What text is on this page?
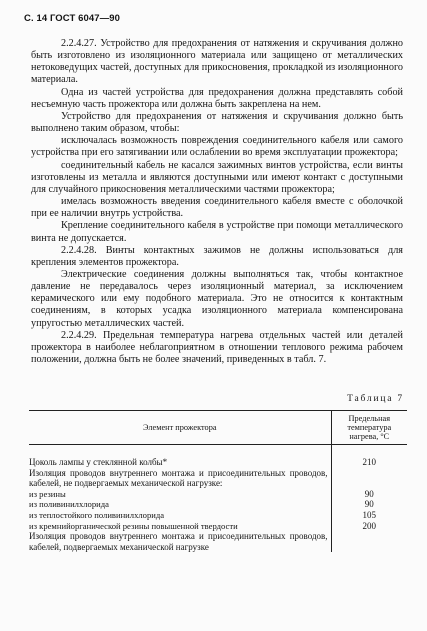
С. 14 ГОСТ 6047—90

2.2.4.27. Устройство для предохранения от натяжения и скручивания должно быть изготовлено из изоляционного материала или защищено от металлических нетоковедущих частей, доступных для прикосновения, прокладкой из изоляционного материала.

Одна из частей устройства для предохранения должна представлять собой несъемную часть прожектора или должна быть закреплена на нем.

Устройство для предохранения от натяжения и скручивания должно быть выполнено таким образом, чтобы:

исключалась возможность повреждения соединительного кабеля или самого устройства при его затягивании или ослаблении во время эксплуатации прожектора;

соединительный кабель не касался зажимных винтов устройства, если винты изготовлены из металла и являются доступными или имеют контакт с доступными для случайного прикосновения металлическими частями прожектора;

имелась возможность введения соединительного кабеля вместе с оболочкой при ее наличии внутрь устройства.

Крепление соединительного кабеля в устройстве при помощи металлического винта не допускается.

2.2.4.28. Винты контактных зажимов не должны использоваться для крепления элементов прожектора.

Электрические соединения должны выполняться так, чтобы контактное давление не передавалось через изоляционный материал, за исключением керамического или ему подобного материала. Это не относится к контактным соединениям, в которых усадка изоляционного материала компенсирована упругостью металлических частей.

2.2.4.29. Предельная температура нагрева отдельных частей или деталей прожектора в наиболее неблагоприятном в отношении теплового режима рабочем положении, должна быть не более значений, приведенных в табл. 7.

Таблица 7
Элемент прожектора	Предельная температура нагрева, °С

Цоколь лампы у стеклянной колбы*	210
Изоляция проводов внутреннего монтажа и присоединительных проводов, кабелей, не подвергаемых механической нагрузке:	
из резины	90
из поливинилхлорида	90
из теплостойкого поливинилхлорида	105
из кремнийорганической резины повышенной твердости	200
Изоляция проводов внутреннего монтажа и присоединительных проводов, кабелей, подвергаемых механической нагрузке	
